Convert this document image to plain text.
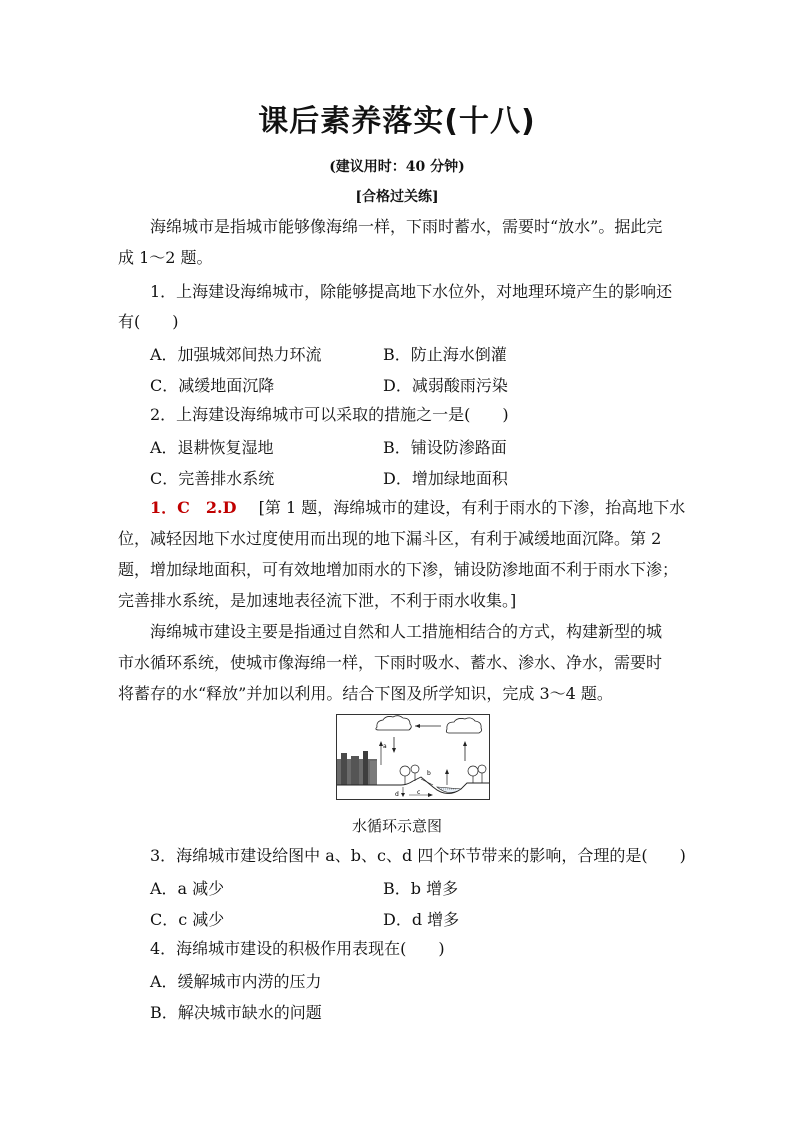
课后素养落实(十八)
(建议用时：40 分钟)
[合格过关练]
海绵城市是指城市能够像海绵一样，下雨时蓄水，需要时“放水”。据此完
成 1～2 题。
1．上海建设海绵城市，除能够提高地下水位外，对地理环境产生的影响还
有(　　)
A．加强城郊间热力环流	B．防止海水倒灌
C．减缓地面沉降	D．减弱酸雨污染
2．上海建设海绵城市可以采取的措施之一是(　　)
A．退耕恢复湿地	B．铺设防渗路面
C．完善排水系统	D．增加绿地面积
1．C　2.D [第 1 题，海绵城市的建设，有利于雨水的下渗，抬高地下水
位，减轻因地下水过度使用而出现的地下漏斗区，有利于减缓地面沉降。第 2
题，增加绿地面积，可有效地增加雨水的下渗，铺设防渗地面不利于雨水下渗；
完善排水系统，是加速地表径流下泄，不利于雨水收集。]
海绵城市建设主要是指通过自然和人工措施相结合的方式，构建新型的城
市水循环系统，使城市像海绵一样，下雨时吸水、蓄水、渗水、净水，需要时
将蓄存的水“释放”并加以利用。结合下图及所学知识，完成 3～4 题。
a
b
d	c
水循环示意图
3．海绵城市建设给图中 a、b、c、d 四个环节带来的影响，合理的是(　　)
A．a 减少	B．b 增多
C．c 减少	D．d 增多
4．海绵城市建设的积极作用表现在(　　)
A．缓解城市内涝的压力
B．解决城市缺水的问题
